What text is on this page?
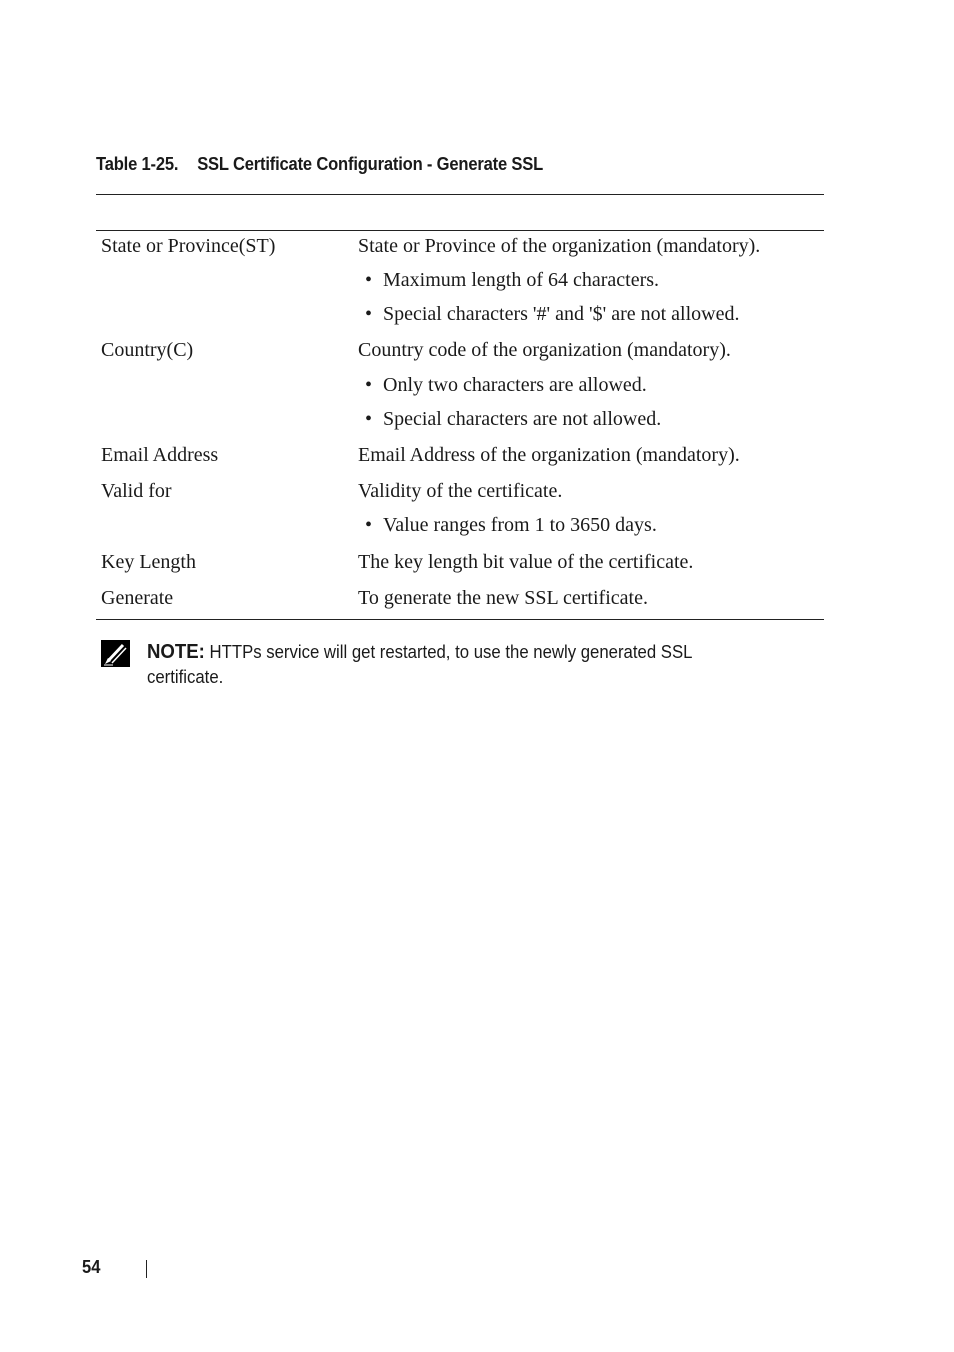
Table 1-25. SSL Certificate Configuration - Generate SSL
State or Province(ST)	State or Province of the organization (mandatory).
• Maximum length of 64 characters.
• Special characters '#' and '$' are not allowed.
Country(C)	Country code of the organization (mandatory).
• Only two characters are allowed.
• Special characters are not allowed.
Email Address	Email Address of the organization (mandatory).
Valid for	Validity of the certificate.
• Value ranges from 1 to 3650 days.
Key Length	The key length bit value of the certificate.
Generate	To generate the new SSL certificate.
NOTE: HTTPs service will get restarted, to use the newly generated SSL certificate.
54
